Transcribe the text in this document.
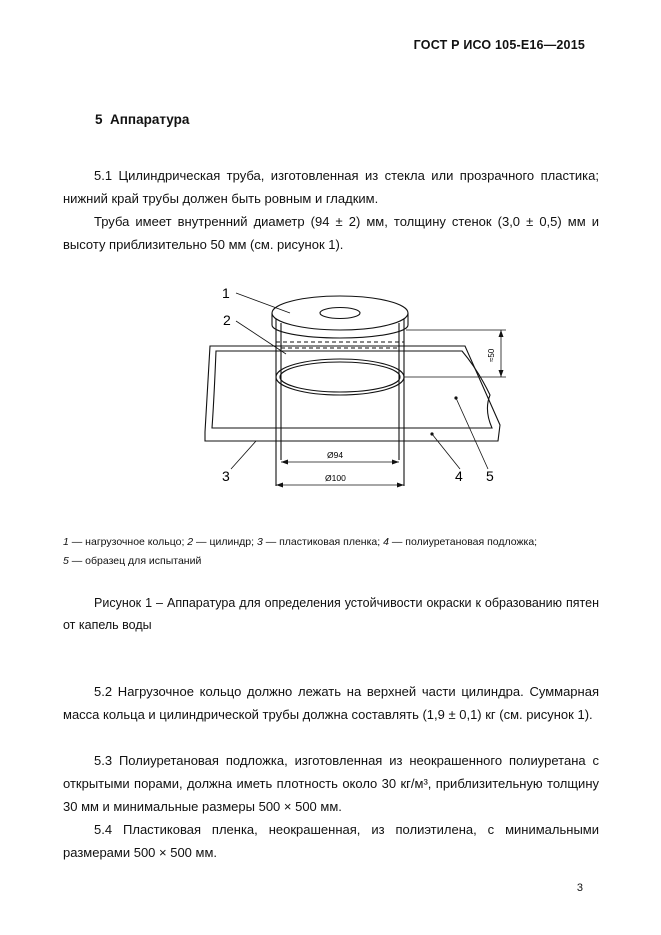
ГОСТ Р ИСО 105-Е16—2015
5 Аппаратура
5.1 Цилиндрическая труба, изготовленная из стекла или прозрачного пластика; нижний край трубы должен быть ровным и гладким.
Труба имеет внутренний диаметр (94 ± 2) мм, толщину стенок (3,0 ± 0,5) мм и высоту приблизительно 50 мм (см. рисунок 1).
1
2
3	4 5
≈50
Ø94
Ø100
1 — нагрузочное кольцо; 2 — цилиндр; 3 — пластиковая пленка; 4 — полиуретановая подложка;
5 — образец для испытаний
Рисунок 1 – Аппаратура для определения устойчивости окраски к образованию пятен от капель воды
5.2 Нагрузочное кольцо должно лежать на верхней части цилиндра. Суммарная масса кольца и цилиндрической трубы должна составлять (1,9 ± 0,1) кг (см. рисунок 1).
5.3 Полиуретановая подложка, изготовленная из неокрашенного полиуретана с открытыми порами, должна иметь плотность около 30 кг/м³, приблизительную толщину 30 мм и минимальные размеры 500 × 500 мм.
5.4 Пластиковая пленка, неокрашенная, из полиэтилена, с минимальными размерами 500 × 500 мм.
3
